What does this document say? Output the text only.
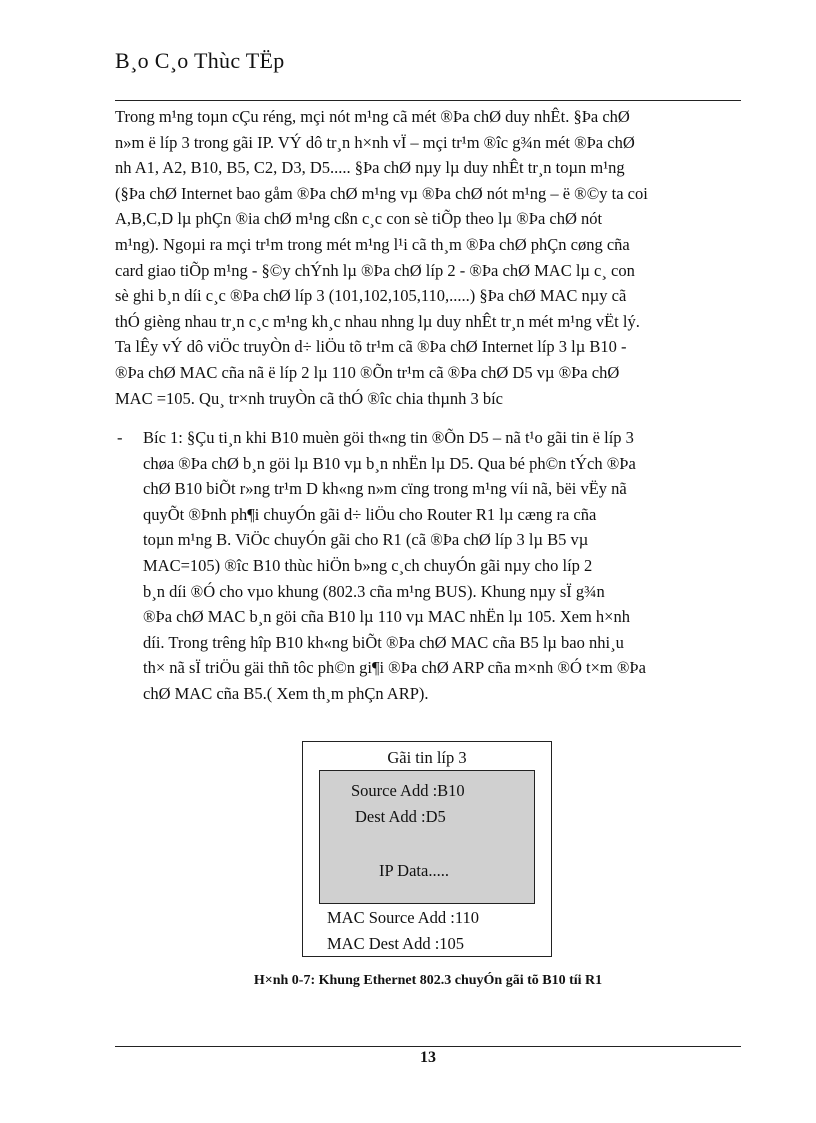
B¸o C¸o Thùc TËp

Trong m¹ng toµn cÇu réng, mçi nót m¹ng cã mét ®Þa chØ duy nhÊt. §Þa chØ

n»m ë líp 3 trong gãi IP. VÝ dô tr¸n h×nh vÏ – mçi tr¹m ®îc g¾n mét ®Þa chØ

nh A1, A2, B10, B5, C2, D3, D5..... §Þa chØ nµy lµ duy nhÊt tr¸n toµn m¹ng

(§Þa chØ Internet bao gåm ®Þa chØ m¹ng vµ ®Þa chØ nót m¹ng – ë ®©y ta coi

A,B,C,D lµ phÇn ®ia chØ m¹ng cßn c¸c con sè tiÕp theo lµ ®Þa chØ nót

m¹ng). Ngoµi ra mçi tr¹m trong mét m¹ng l¹i cã th¸m ®Þa chØ phÇn cøng cña

card giao tiÕp m¹ng - §©y chÝnh lµ ®Þa chØ líp 2 - ®Þa chØ MAC lµ c¸ con

sè ghi b¸n díi c¸c ®Þa chØ líp 3 (101,102,105,110,.....) §Þa chØ MAC nµy cã

thÓ gièng nhau tr¸n c¸c m¹ng kh¸c nhau nhng lµ duy nhÊt tr¸n mét m¹ng vËt lý.

Ta lÊy vÝ dô viÖc truyÒn d÷ liÖu tõ tr¹m cã ®Þa chØ Internet líp 3 lµ B10 -

®Þa chØ MAC cña nã ë líp 2 lµ 110 ®Õn tr¹m cã ®Þa chØ D5 vµ ®Þa chØ

MAC =105. Qu¸ tr×nh truyÒn cã thÓ ®îc chia thµnh 3 bíc

- Bíc 1: §Çu ti¸n khi B10 muèn göi th«ng tin ®Õn D5 – nã t¹o gãi tin ë líp 3

chøa ®Þa chØ b¸n göi lµ B10 vµ b¸n nhËn lµ D5. Qua bé ph©n tÝch ®Þa

chØ B10 biÕt r»ng tr¹m D kh«ng n»m cïng trong m¹ng víi nã, bëi vËy nã

quyÕt ®Þnh ph¶i chuyÓn gãi d÷ liÖu cho Router R1 lµ cæng ra cña

toµn m¹ng B. ViÖc chuyÓn gãi cho R1 (cã ®Þa chØ líp 3 lµ B5 vµ

MAC=105) ®îc B10 thùc hiÖn b»ng c¸ch chuyÓn gãi nµy cho líp 2

b¸n díi ®Ó cho vµo khung (802.3 cña m¹ng BUS). Khung nµy sÏ g¾n

®Þa chØ MAC b¸n göi cña B10 lµ 110 vµ MAC nhËn lµ 105. Xem h×nh

díi. Trong trêng hîp B10 kh«ng biÕt ®Þa chØ MAC cña B5 lµ bao nhi¸u

th× nã sÏ triÖu gäi thñ tôc ph©n gi¶i ®Þa chØ ARP cña m×nh ®Ó t×m ®Þa

chØ MAC cña B5.( Xem th¸m phÇn ARP).

Gãi tin líp 3
Source Add :B10
Dest Add :D5
IP Data.....
MAC Source Add :110
MAC Dest Add :105
H×nh 0-7: Khung Ethernet 802.3 chuyÓn gãi tõ B10 tíi R1
13
